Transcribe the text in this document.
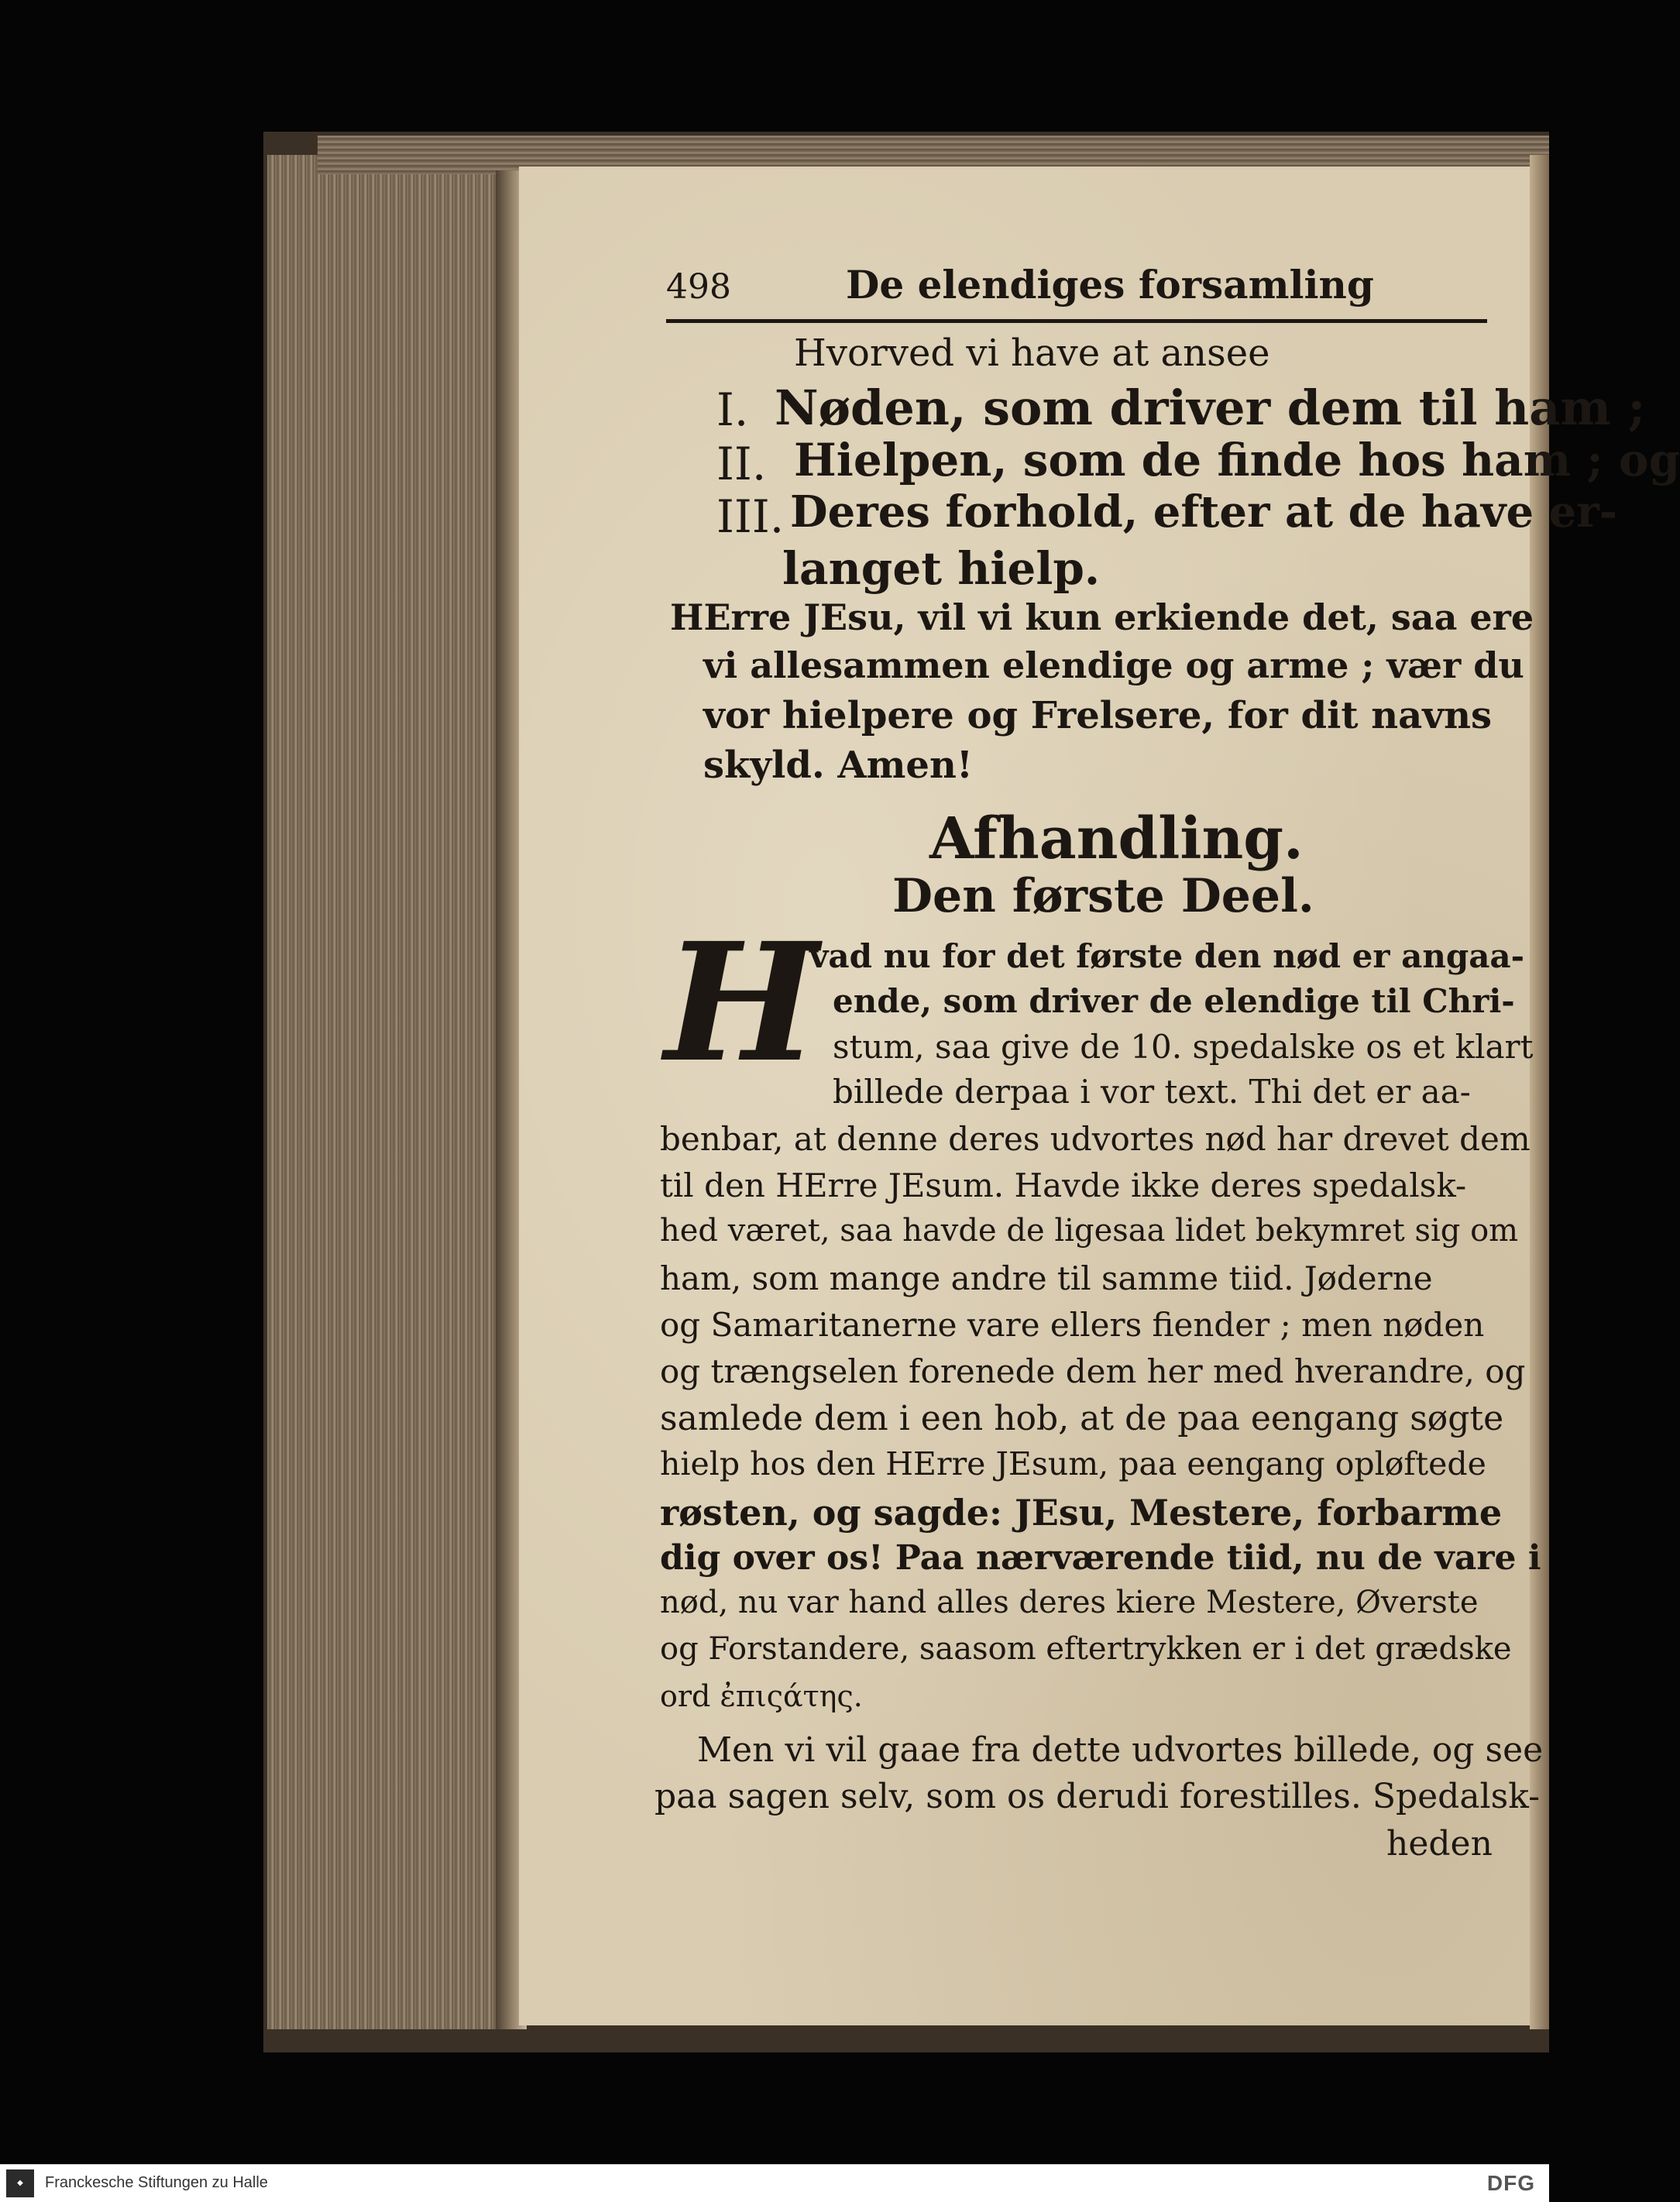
498	De elendiges forsamling
Hvorved vi have at ansee
I. Nøden, som driver dem til ham ;
II. Hielpen, som de finde hos ham ; og
III. Deres forhold, efter at de have er-
langet hielp.
HErre JEsu, vil vi kun erkiende det, saa ere
vi allesammen elendige og arme ; vær du
vor hielpere og Frelsere, for dit navns
skyld. Amen!
Afhandling.
Den første Deel.
H
vad nu for det første den nød er angaa-
ende, som driver de elendige til Chri-
stum, saa give de 10. spedalske os et klart
billede derpaa i vor text. Thi det er aa-
benbar, at denne deres udvortes nød har drevet dem
til den HErre JEsum. Havde ikke deres spedalsk-
hed været, saa havde de ligesaa lidet bekymret sig om
ham, som mange andre til samme tiid. Jøderne
og Samaritanerne vare ellers fiender ; men nøden
og trængselen forenede dem her med hverandre, og
samlede dem i een hob, at de paa eengang søgte
hielp hos den HErre JEsum, paa eengang opløftede
røsten, og sagde: JEsu, Mestere, forbarme
dig over os! Paa nærværende tiid, nu de vare i
nød, nu var hand alles deres kiere Mestere, Øverste
og Forstandere, saasom eftertrykken er i det grædske
ord ἐπιςάτης.
Men vi vil gaae fra dette udvortes billede, og see
paa sagen selv, som os derudi forestilles. Spedalsk-
heden
◆	Franckesche Stiftungen zu Halle	DFG
